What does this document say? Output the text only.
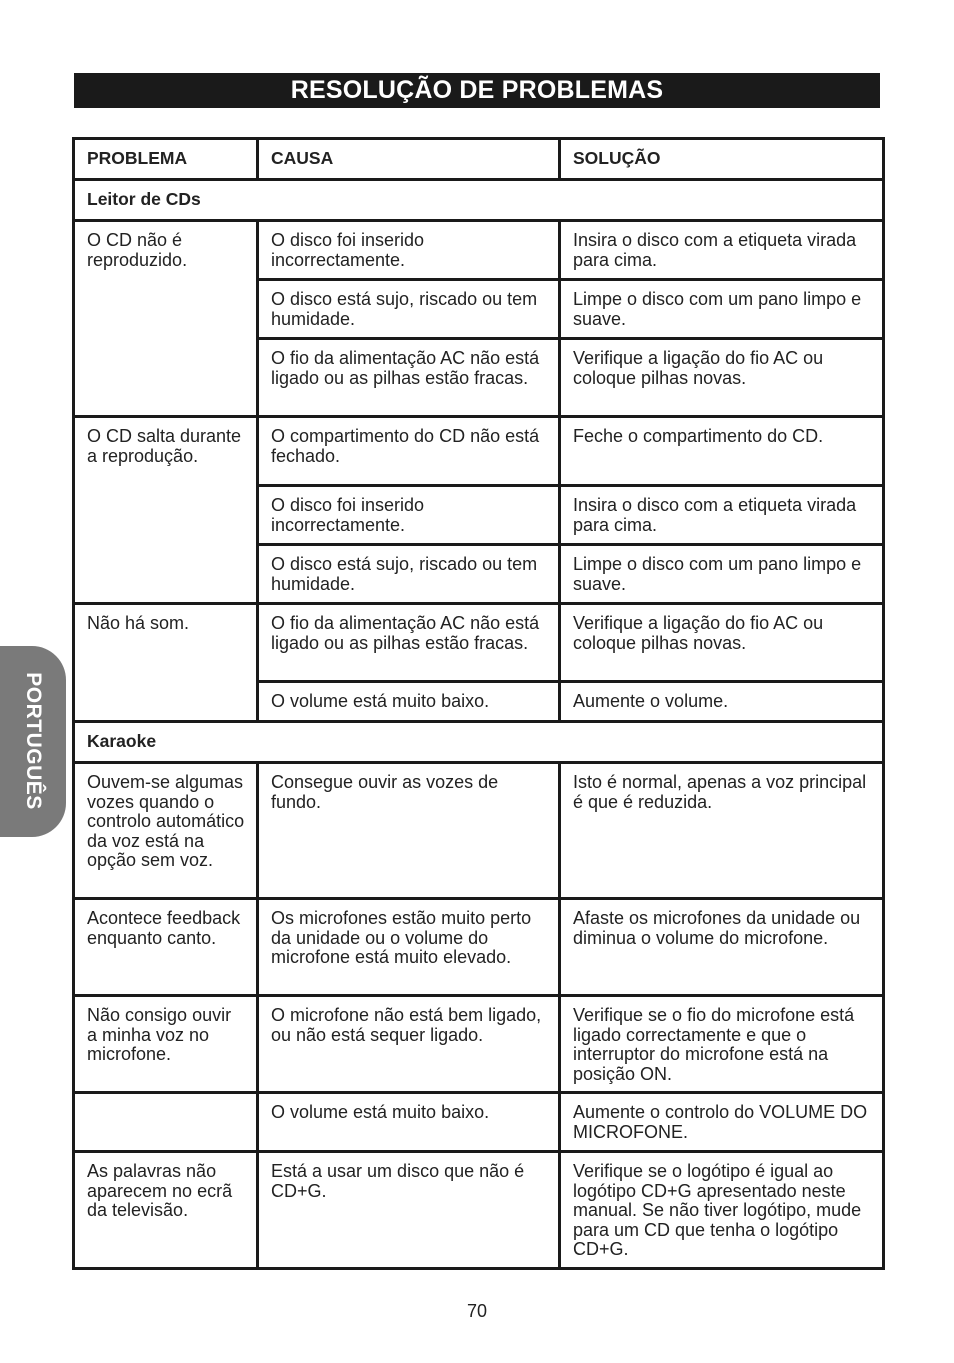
RESOLUÇÃO DE PROBLEMAS
PROBLEMA	CAUSA	SOLUÇÃO
Leitor de CDs		
O CD não é reproduzido.	O disco foi inserido incorrectamente.	Insira o disco com a etiqueta virada para cima.
	O disco está sujo, riscado ou tem humidade.	Limpe o disco com um pano limpo e suave.
	O fio da alimentação AC não está ligado ou as pilhas estão fracas.	Verifique a ligação do fio AC ou coloque pilhas novas.
O CD salta durante a reprodução.	O compartimento do CD não está fechado.	Feche o compartimento do CD.
	O disco foi inserido incorrectamente.	Insira o disco com a etiqueta virada para cima.
	O disco está sujo, riscado ou tem humidade.	Limpe o disco com um pano limpo e suave.
Não há som.	O fio da alimentação AC não está ligado ou as pilhas estão fracas.	Verifique a ligação do fio AC ou coloque pilhas novas.
	O volume está muito baixo.	Aumente o volume.
Karaoke		
Ouvem-se algumas vozes quando o controlo automático da voz está na opção sem voz.	Consegue ouvir as vozes de fundo.	Isto é normal, apenas a voz principal é que é reduzida.
Acontece feedback enquanto canto.	Os microfones estão muito perto da unidade ou o volume do microfone está muito elevado.	Afaste os microfones da unidade ou diminua o volume do microfone.
Não consigo ouvir a minha voz no microfone.	O microfone não está bem ligado, ou não está sequer ligado.	Verifique se o fio do microfone está ligado correctamente e que o interruptor do microfone está na posição ON.
	O volume está muito baixo.	Aumente o controlo do VOLUME DO MICROFONE.
As palavras não aparecem no ecrã da televisão.	Está a usar um disco que não é CD+G.	Verifique se o logótipo é igual ao logótipo CD+G apresentado neste manual. Se não tiver logótipo, mude para um CD que tenha o logótipo CD+G.
PORTUGUÊS
70
